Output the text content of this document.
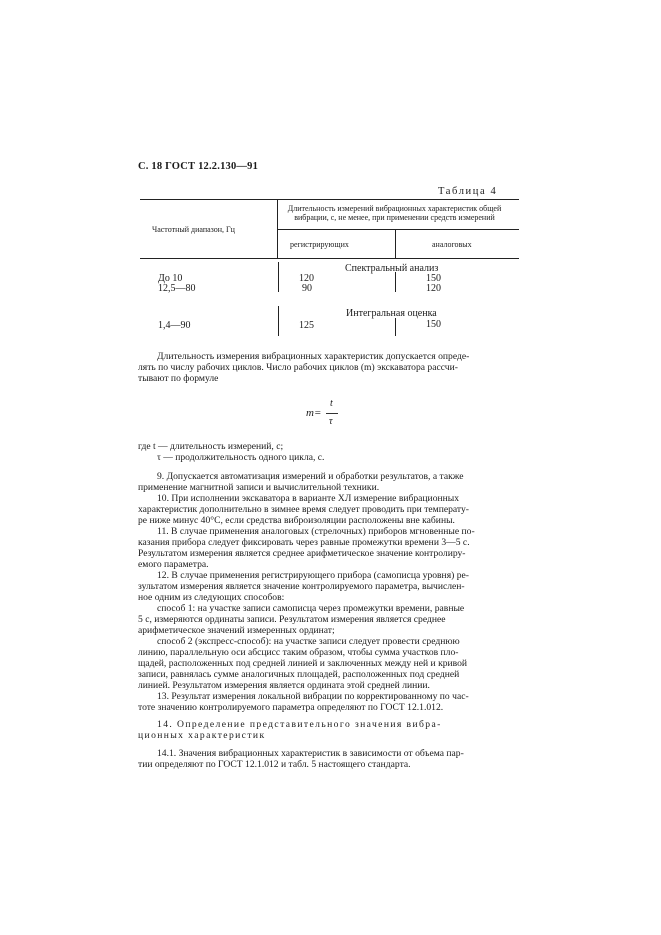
С. 18 ГОСТ 12.2.130—91
Таблица 4
Частотный диапазон, Гц
Длительность измерений вибрационных характеристик общей вибрации, с, не менее, при применении средств измерений
регистрирующих	аналоговых
Спектральный анализ
До 10	120	150
12,5—80	90	120
Интегральная оценка
1,4—90	125	150
Длительность измерения вибрационных характеристик допускается опреде-
лять по числу рабочих циклов. Число рабочих циклов (m) экскаватора рассчи-
тывают по формуле
m=
t
τ
где t — длительность измерений, с;
τ — продолжительность одного цикла, с.
9. Допускается автоматизация измерений и обработки результатов, а также
применение магнитной записи и вычислительной техники.
10. При исполнении экскаватора в варианте ХЛ измерение вибрационных
характеристик дополнительно в зимнее время следует проводить при температу-
ре ниже минус 40°С, если средства виброизоляции расположены вне кабины.
11. В случае применения аналоговых (стрелочных) приборов мгновенные по-
казания прибора следует фиксировать через равные промежутки времени 3—5 с.
Результатом измерения является среднее арифметическое значение контролиру-
емого параметра.
12. В случае применения регистрирующего прибора (самописца уровня) ре-
зультатом измерения является значение контролируемого параметра, вычислен-
ное одним из следующих способов:
способ 1: на участке записи самописца через промежутки времени, равные
5 с, измеряются ординаты записи. Результатом измерения является среднее
арифметическое значений измеренных ординат;
способ 2 (экспресс-способ): на участке записи следует провести среднюю
линию, параллельную оси абсцисс таким образом, чтобы сумма участков пло-
щадей, расположенных под средней линией и заключенных между ней и кривой
записи, равнялась сумме аналогичных площадей, расположенных под средней
линией. Результатом измерения является ордината этой средней линии.
13. Результат измерения локальной вибрации по корректированному по час-
тоте значению контролируемого параметра определяют по ГОСТ 12.1.012.
14. Определение представительного значения вибра-
ционных характеристик
14.1. Значения вибрационных характеристик в зависимости от объема пар-
тии определяют по ГОСТ 12.1.012 и табл. 5 настоящего стандарта.
